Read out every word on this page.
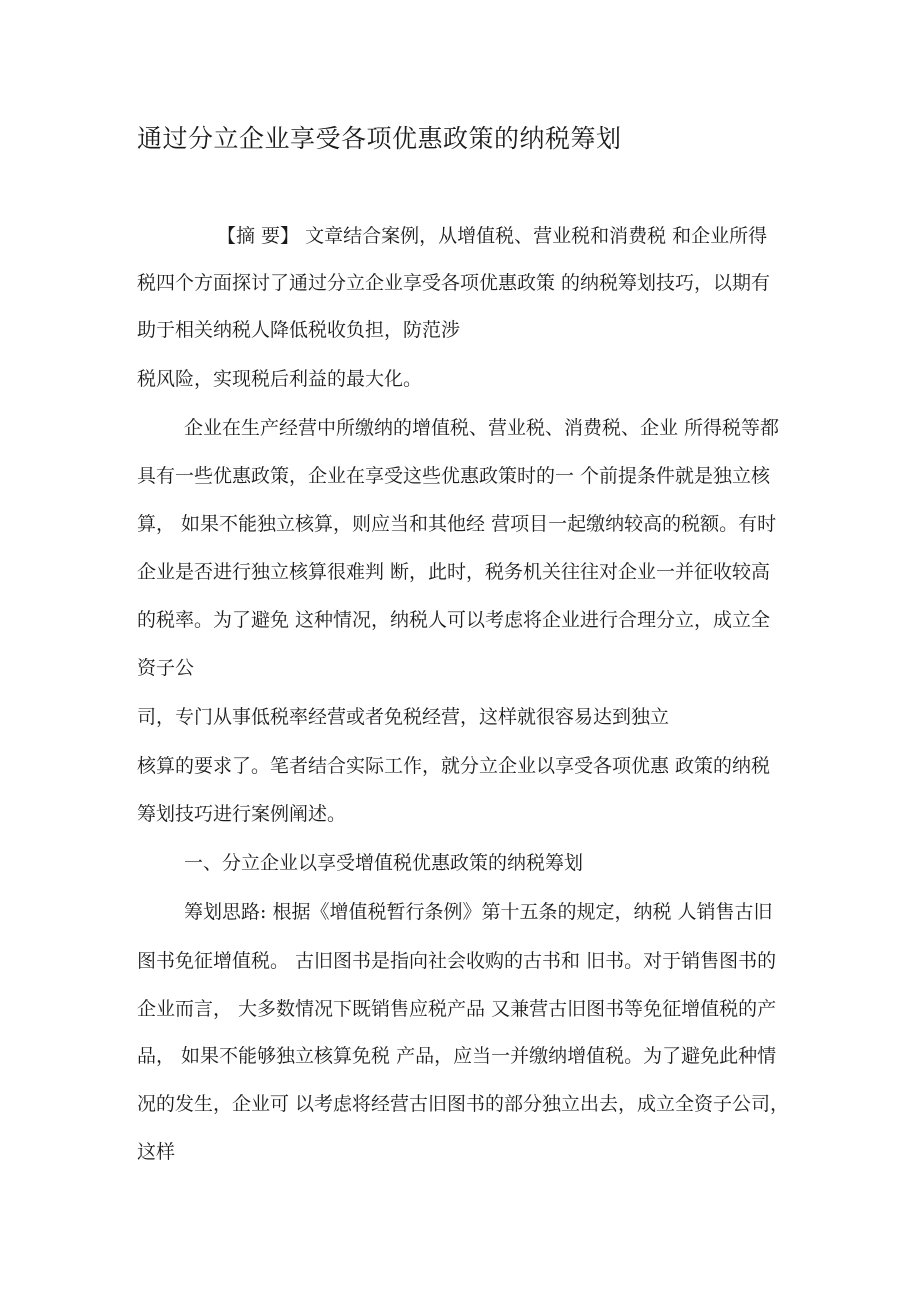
通过分立企业享受各项优惠政策的纳税筹划
【摘 要】 文章结合案例，从增值税、营业税和消费税 和企业所得
税四个方面探讨了通过分立企业享受各项优惠政策 的纳税筹划技巧，以期有
助于相关纳税人降低税收负担，防范涉
税风险，实现税后利益的最大化。
企业在生产经营中所缴纳的增值税、营业税、消费税、企业 所得税等都
具有一些优惠政策，企业在享受这些优惠政策时的一 个前提条件就是独立核
算， 如果不能独立核算，则应当和其他经 营项目一起缴纳较高的税额。有时
企业是否进行独立核算很难判 断，此时，税务机关往往对企业一并征收较高
的税率。为了避免 这种情况，纳税人可以考虑将企业进行合理分立，成立全
资子公
司，专门从事低税率经营或者免税经营，这样就很容易达到独立
核算的要求了。笔者结合实际工作，就分立企业以享受各项优惠 政策的纳税
筹划技巧进行案例阐述。
一、分立企业以享受增值税优惠政策的纳税筹划
筹划思路: 根据《增值税暂行条例》第十五条的规定，纳税 人销售古旧
图书免征增值税。 古旧图书是指向社会收购的古书和 旧书。对于销售图书的
企业而言， 大多数情况下既销售应税产品 又兼营古旧图书等免征增值税的产
品， 如果不能够独立核算免税 产品，应当一并缴纳增值税。为了避免此种情
况的发生，企业可 以考虑将经营古旧图书的部分独立出去，成立全资子公司，
这样
